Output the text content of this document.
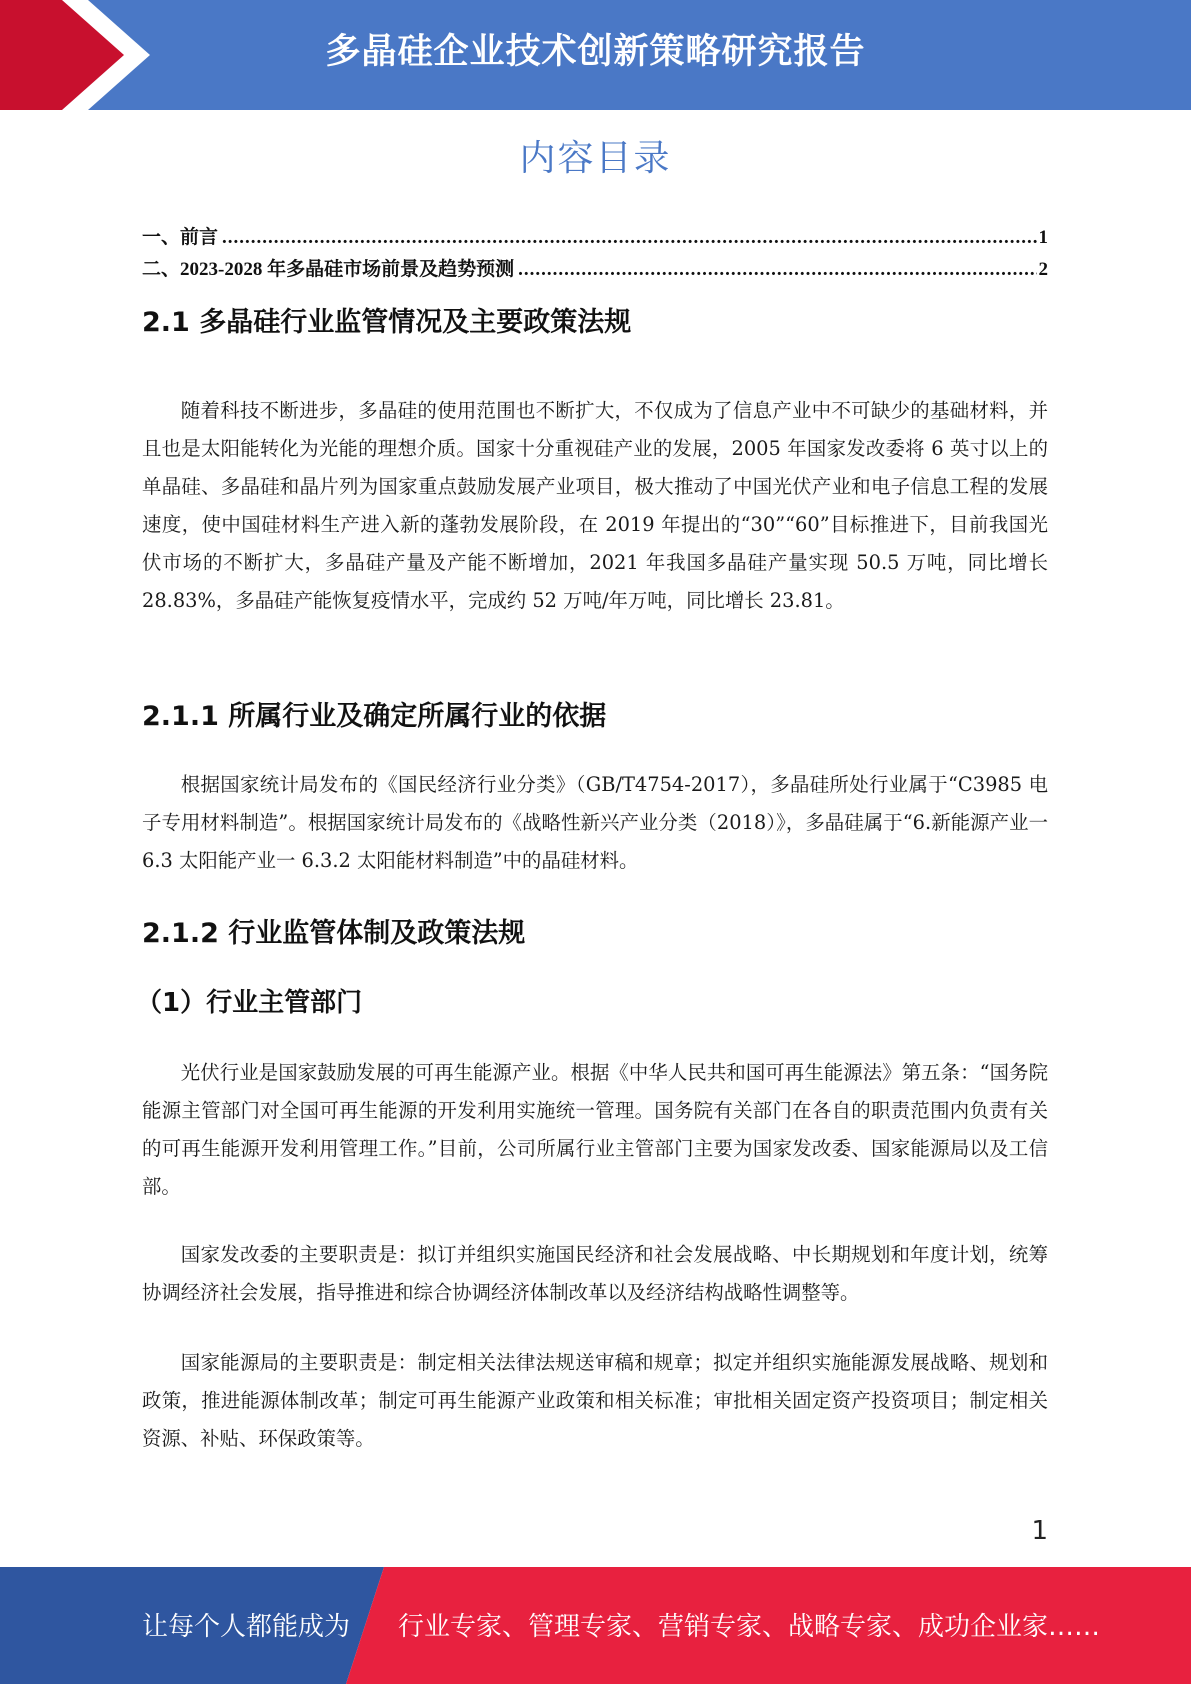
多晶硅企业技术创新策略研究报告
内容目录
一、前言 .....	1
二、2023-2028 年多晶硅市场前景及趋势预测 .....	2
2.1 多晶硅行业监管情况及主要政策法规

随着科技不断进步，多晶硅的使用范围也不断扩大，不仅成为了信息产业中不可缺少的基础材料，并且也是太阳能转化为光能的理想介质。国家十分重视硅产业的发展，2005 年国家发改委将 6 英寸以上的单晶硅、多晶硅和晶片列为国家重点鼓励发展产业项目，极大推动了中国光伏产业和电子信息工程的发展速度，使中国硅材料生产进入新的蓬勃发展阶段，在 2019 年提出的“30”“60”目标推进下，目前我国光伏市场的不断扩大，多晶硅产量及产能不断增加，2021 年我国多晶硅产量实现 50.5 万吨，同比增长 28.83%，多晶硅产能恢复疫情水平，完成约 52 万吨/年万吨，同比增长 23.81。

2.1.1 所属行业及确定所属行业的依据

根据国家统计局发布的《国民经济行业分类》（GB/T4754-2017），多晶硅所处行业属于“C3985 电子专用材料制造”。根据国家统计局发布的《战略性新兴产业分类（2018）》，多晶硅属于“6.新能源产业一 6.3 太阳能产业一 6.3.2 太阳能材料制造”中的晶硅材料。

2.1.2 行业监管体制及政策法规
（1）行业主管部门

光伏行业是国家鼓励发展的可再生能源产业。根据《中华人民共和国可再生能源法》第五条：“国务院能源主管部门对全国可再生能源的开发利用实施统一管理。国务院有关部门在各自的职责范围内负责有关的可再生能源开发利用管理工作。”目前，公司所属行业主管部门主要为国家发改委、国家能源局以及工信部。

国家发改委的主要职责是：拟订并组织实施国民经济和社会发展战略、中长期规划和年度计划，统筹协调经济社会发展，指导推进和综合协调经济体制改革以及经济结构战略性调整等。

国家能源局的主要职责是：制定相关法律法规送审稿和规章；拟定并组织实施能源发展战略、规划和政策，推进能源体制改革；制定可再生能源产业政策和相关标准；审批相关固定资产投资项目；制定相关资源、补贴、环保政策等。

1
让每个人都能成为 行业专家、管理专家、营销专家、战略专家、成功企业家……
